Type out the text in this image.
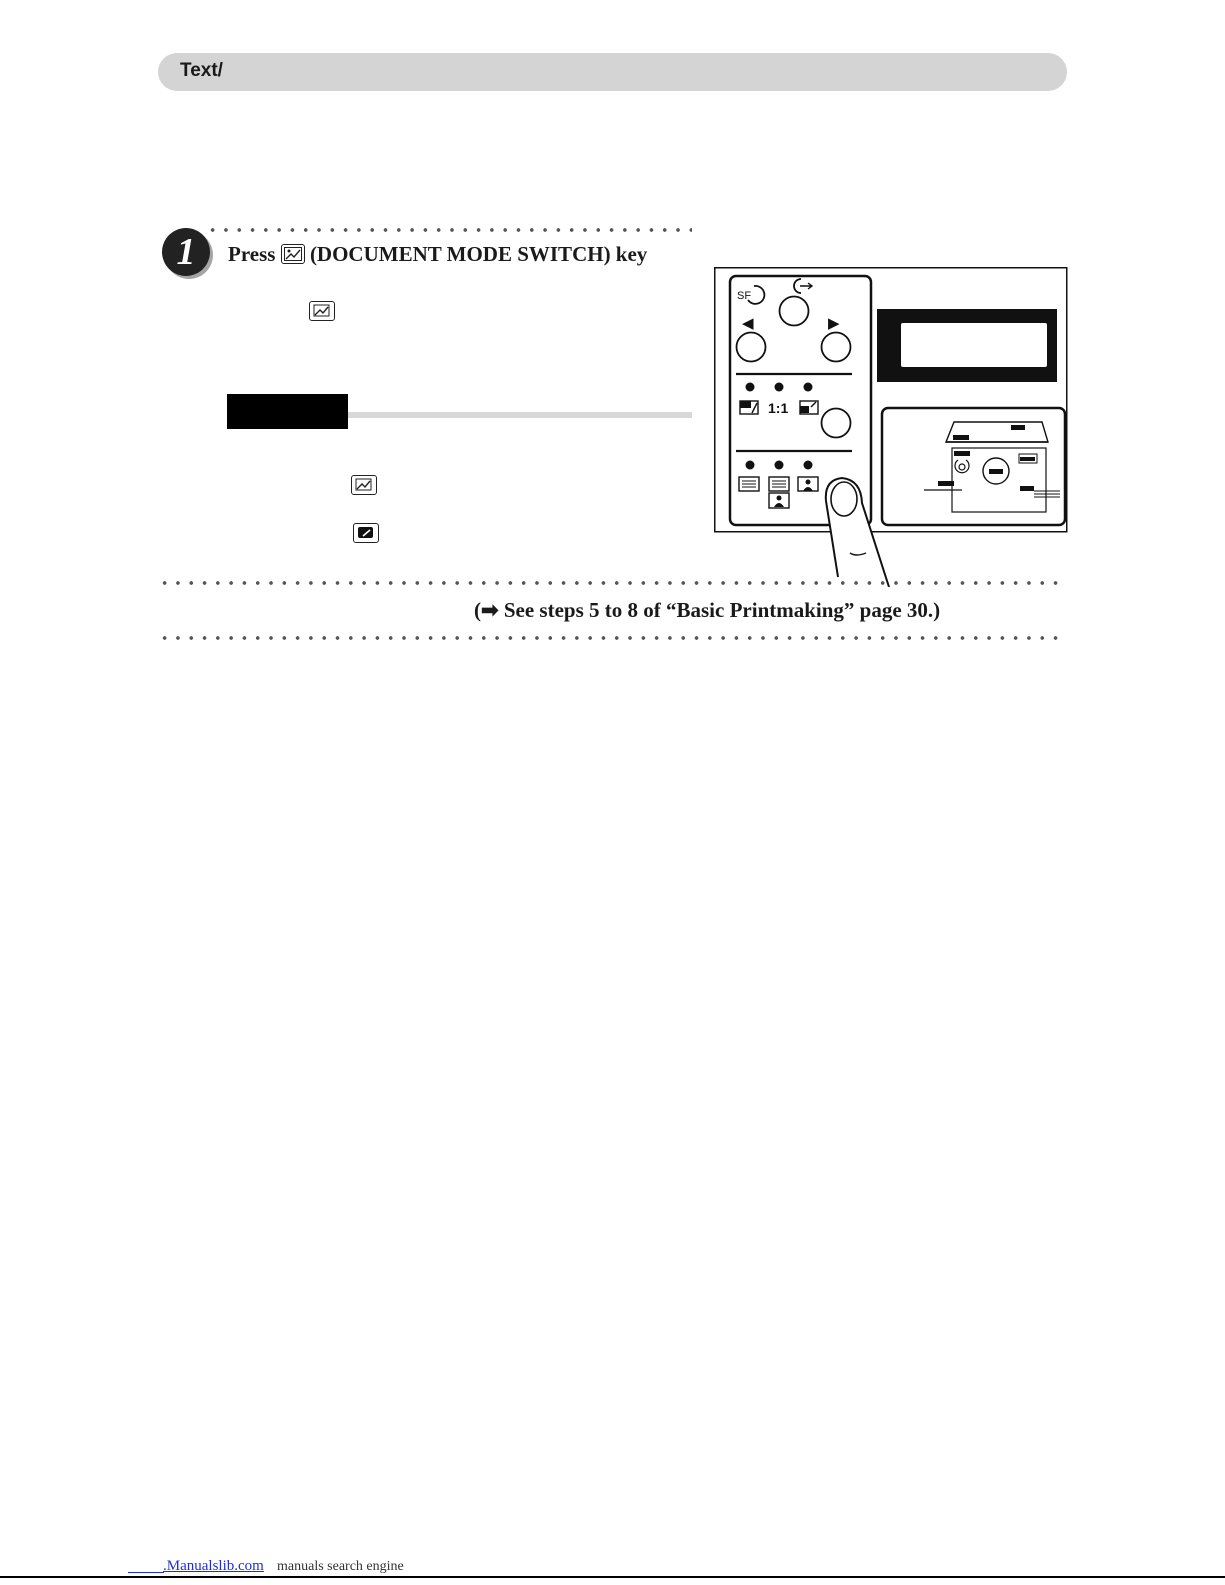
Text/
1	Press (DOCUMENT MODE SWITCH) key
SF
◀	▶
1:1
(➡ See steps 5 to 8 of “Basic Printmaking” page 30.)
.Manualslib.com manuals search engine
